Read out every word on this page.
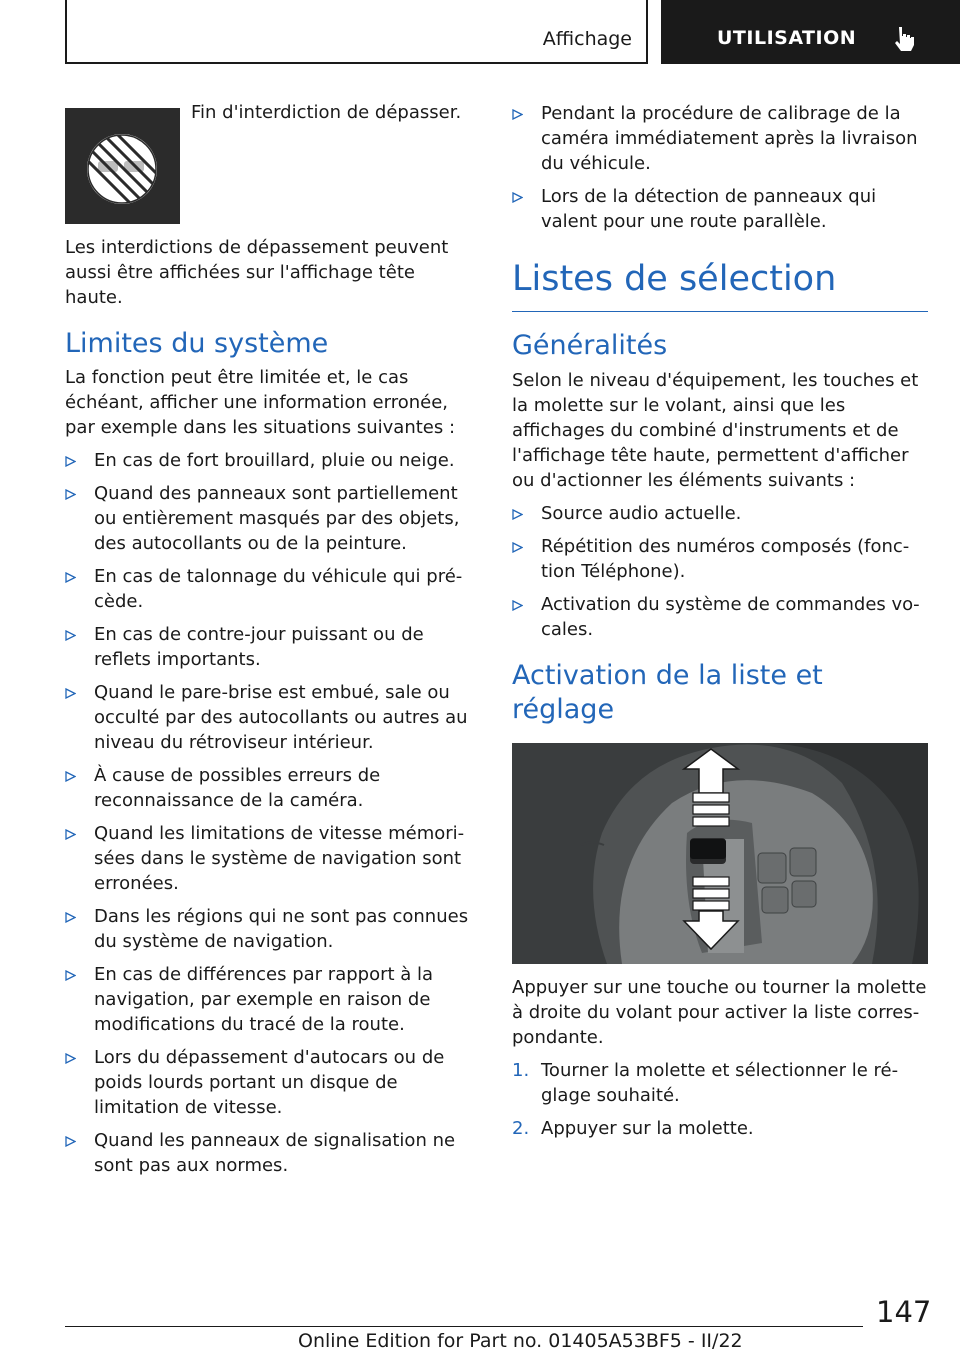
Affichage	UTILISATION
Fin d'interdiction de dépasser.

Les interdictions de dépassement peuvent aussi être affichées sur l'affichage tête haute.

Limites du système

La fonction peut être limitée et, le cas échéant, afficher une information erronée, par exemple dans les situations suivantes :

En cas de fort brouillard, pluie ou neige.
Quand des panneaux sont partiellement ou entièrement masqués par des objets, des autocollants ou de la peinture.
En cas de talonnage du véhicule qui précède.
En cas de contre-jour puissant ou de reflets importants.
Quand le pare-brise est embué, sale ou occulté par des autocollants ou autres au niveau du rétroviseur intérieur.
À cause de possibles erreurs de reconnaissance de la caméra.
Quand les limitations de vitesse mémorisées dans le système de navigation sont erronées.
Dans les régions qui ne sont pas connues du système de navigation.
En cas de différences par rapport à la navigation, par exemple en raison de modifications du tracé de la route.
Lors du dépassement d'autocars ou de poids lourds portant un disque de limitation de vitesse.
Quand les panneaux de signalisation ne sont pas aux normes.
Pendant la procédure de calibrage de la caméra immédiatement après la livraison du véhicule.
Lors de la détection de panneaux qui valent pour une route parallèle.
Listes de sélection
Généralités

Selon le niveau d'équipement, les touches et la molette sur le volant, ainsi que les affichages du combiné d'instruments et de l'affichage tête haute, permettent d'afficher ou d'actionner les éléments suivants :

Source audio actuelle.
Répétition des numéros composés (fonction Téléphone).
Activation du système de commandes vocales.
Activation de la liste et réglage

Appuyer sur une touche ou tourner la molette à droite du volant pour activer la liste correspondante.

1. Tourner la molette et sélectionner le réglage souhaité.
2. Appuyer sur la molette.
147
Online Edition for Part no. 01405A53BF5 - II/22
